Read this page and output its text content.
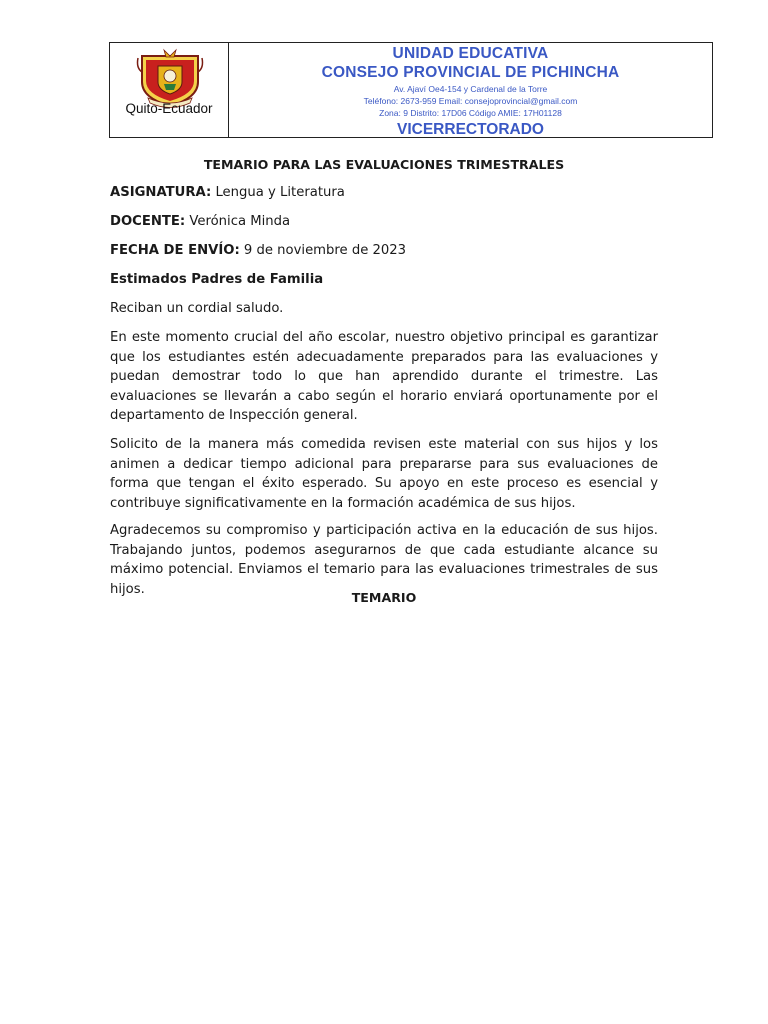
Quito-Ecuador
UNIDAD EDUCATIVA
CONSEJO PROVINCIAL DE PICHINCHA
Av. Ajaví Oe4-154 y Cardenal de la Torre
Teléfono: 2673-959 Email: consejoprovincial@gmail.com
Zona: 9 Distrito: 17D06 Código AMIE: 17H01128
VICERRECTORADO
TEMARIO PARA LAS EVALUACIONES TRIMESTRALES
ASIGNATURA: Lengua y Literatura
DOCENTE: Verónica Minda
FECHA DE ENVÍO: 9 de noviembre de 2023
Estimados Padres de Familia
Reciban un cordial saludo.
En este momento crucial del año escolar, nuestro objetivo principal es garantizar que los estudiantes estén adecuadamente preparados para las evaluaciones y puedan demostrar todo lo que han aprendido durante el trimestre. Las evaluaciones se llevarán a cabo según el horario enviará oportunamente por el departamento de Inspección general.
Solicito de la manera más comedida revisen este material con sus hijos y los animen a dedicar tiempo adicional para prepararse para sus evaluaciones de forma que tengan el éxito esperado. Su apoyo en este proceso es esencial y contribuye significativamente en la formación académica de sus hijos.
Agradecemos su compromiso y participación activa en la educación de sus hijos. Trabajando juntos, podemos asegurarnos de que cada estudiante alcance su máximo potencial. Enviamos el temario para las evaluaciones trimestrales de sus hijos.
TEMARIO
